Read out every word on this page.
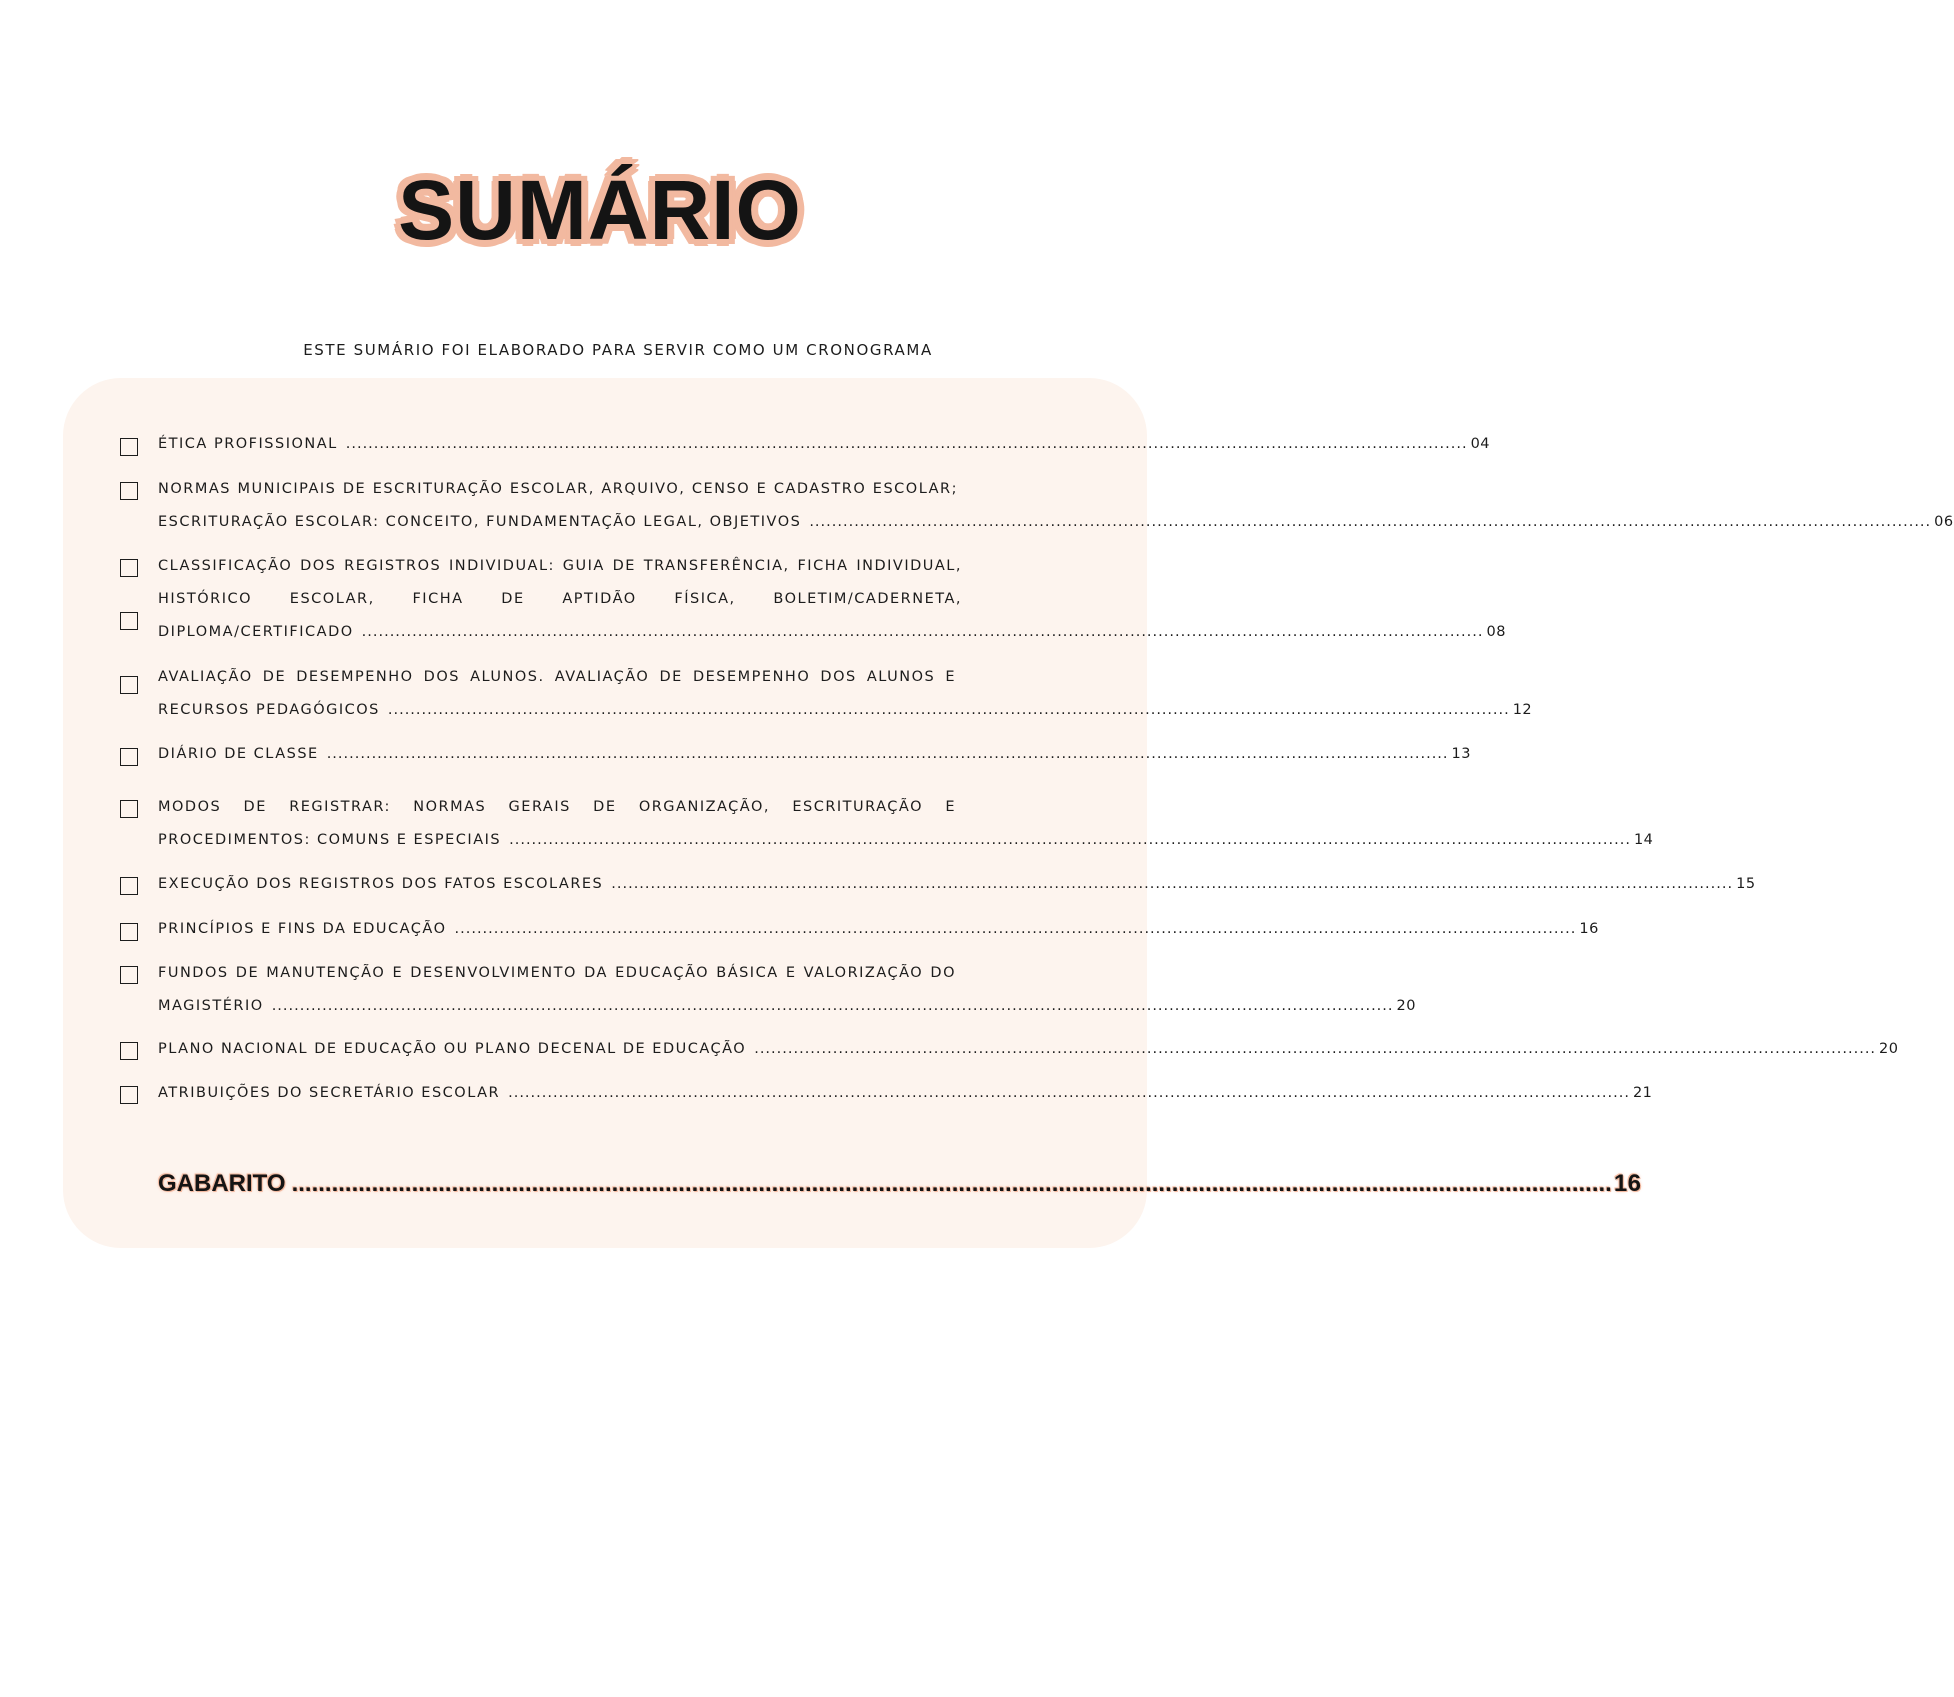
SUMÁRIO
ESTE SUMÁRIO FOI ELABORADO PARA SERVIR COMO UM CRONOGRAMA
ÉTICA PROFISSIONAL ........................................................................................................................................................................................................ 04
NORMAS MUNICIPAIS DE ESCRITURAÇÃO ESCOLAR, ARQUIVO, CENSO E CADASTRO ESCOLAR;
ESCRITURAÇÃO ESCOLAR: CONCEITO, FUNDAMENTAÇÃO LEGAL, OBJETIVOS ........................................................................................................................................................................................................ 06
CLASSIFICAÇÃO DOS REGISTROS INDIVIDUAL: GUIA DE TRANSFERÊNCIA, FICHA INDIVIDUAL,
HISTÓRICO ESCOLAR, FICHA DE APTIDÃO FÍSICA, BOLETIM/CADERNETA,
DIPLOMA/CERTIFICADO ........................................................................................................................................................................................................ 08
AVALIAÇÃO DE DESEMPENHO DOS ALUNOS. AVALIAÇÃO DE DESEMPENHO DOS ALUNOS E
RECURSOS PEDAGÓGICOS ........................................................................................................................................................................................................ 12
DIÁRIO DE CLASSE ........................................................................................................................................................................................................ 13
MODOS DE REGISTRAR: NORMAS GERAIS DE ORGANIZAÇÃO, ESCRITURAÇÃO E
PROCEDIMENTOS: COMUNS E ESPECIAIS ........................................................................................................................................................................................................ 14
EXECUÇÃO DOS REGISTROS DOS FATOS ESCOLARES ........................................................................................................................................................................................................ 15
PRINCÍPIOS E FINS DA EDUCAÇÃO ........................................................................................................................................................................................................ 16
FUNDOS DE MANUTENÇÃO E DESENVOLVIMENTO DA EDUCAÇÃO BÁSICA E VALORIZAÇÃO DO
MAGISTÉRIO ........................................................................................................................................................................................................ 20
PLANO NACIONAL DE EDUCAÇÃO OU PLANO DECENAL DE EDUCAÇÃO ........................................................................................................................................................................................................ 20
ATRIBUIÇÕES DO SECRETÁRIO ESCOLAR ........................................................................................................................................................................................................ 21
GABARITO ...................................................................................................................................................................................................... 16
